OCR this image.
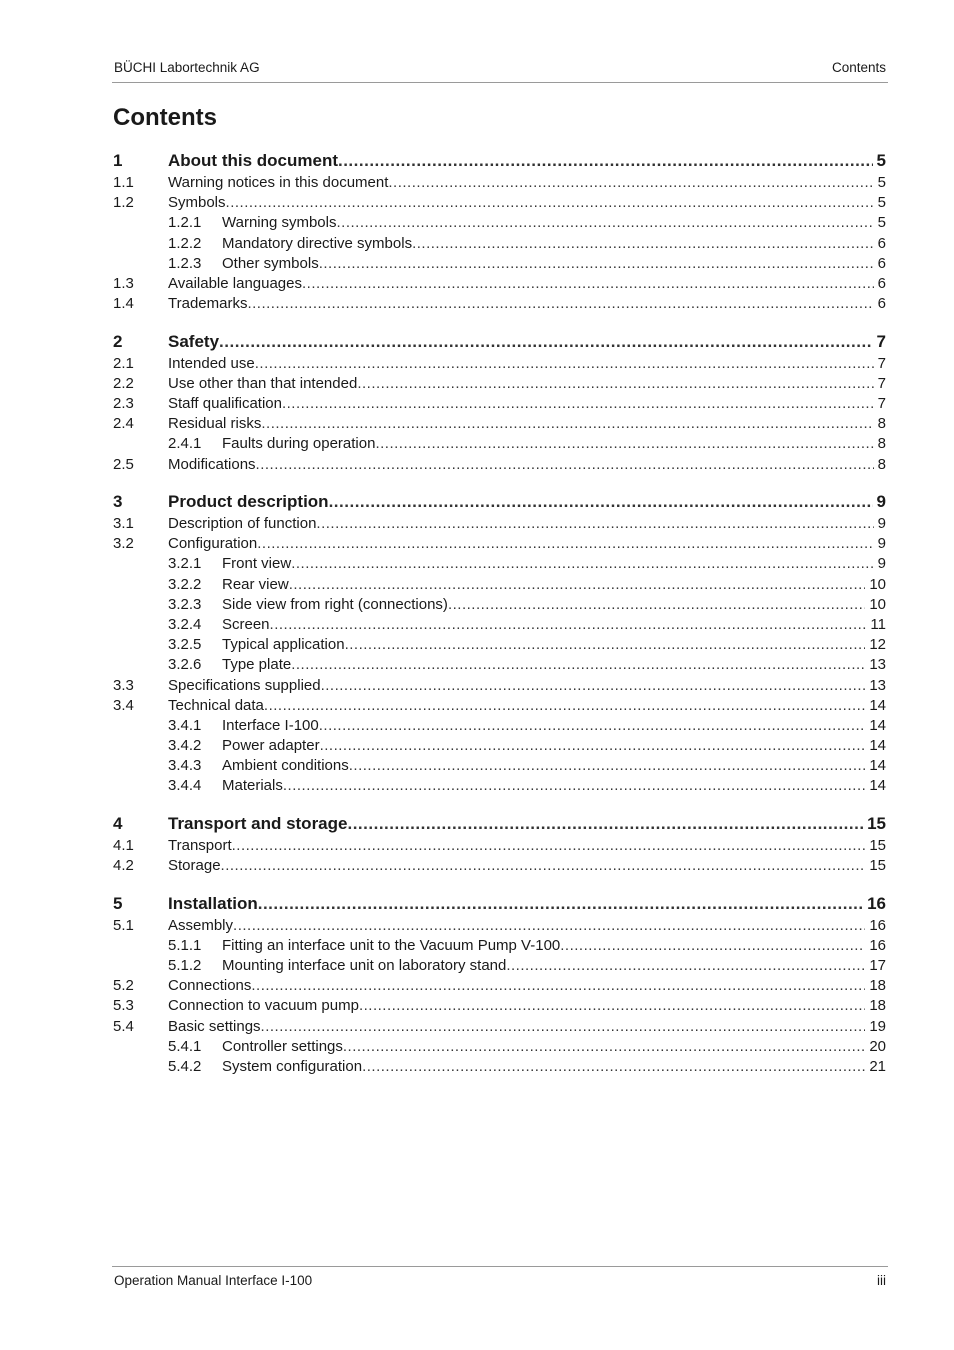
BÜCHI Labortechnik AG	Contents
Contents
1	About this document .....	5
1.1 Warning notices in this document .....	5
1.2 Symbols .....	5
1.2.1 Warning symbols .....	5
1.2.2 Mandatory directive symbols .....	6
1.2.3 Other symbols .....	6
1.3 Available languages .....	6
1.4 Trademarks .....	6
2	Safety .....	7
2.1 Intended use .....	7
2.2 Use other than that intended .....	7
2.3 Staff qualification .....	7
2.4 Residual risks .....	8
2.4.1 Faults during operation .....	8
2.5 Modifications .....	8
3	Product description .....	9
3.1 Description of function .....	9
3.2 Configuration .....	9
3.2.1 Front view .....	9
3.2.2 Rear view .....	10
3.2.3 Side view from right (connections) .....	10
3.2.4 Screen .....	11
3.2.5 Typical application .....	12
3.2.6 Type plate .....	13
3.3 Specifications supplied .....	13
3.4 Technical data .....	14
3.4.1 Interface I-100 .....	14
3.4.2 Power adapter .....	14
3.4.3 Ambient conditions .....	14
3.4.4 Materials .....	14
4	Transport and storage .....	15
4.1 Transport .....	15
4.2 Storage .....	15
5	Installation .....	16
5.1 Assembly .....	16
5.1.1 Fitting an interface unit to the Vacuum Pump V-100 .....	16
5.1.2 Mounting interface unit on laboratory stand .....	17
5.2 Connections .....	18
5.3 Connection to vacuum pump .....	18
5.4 Basic settings .....	19
5.4.1 Controller settings .....	20
5.4.2 System configuration .....	21
Operation Manual Interface I-100	iii
